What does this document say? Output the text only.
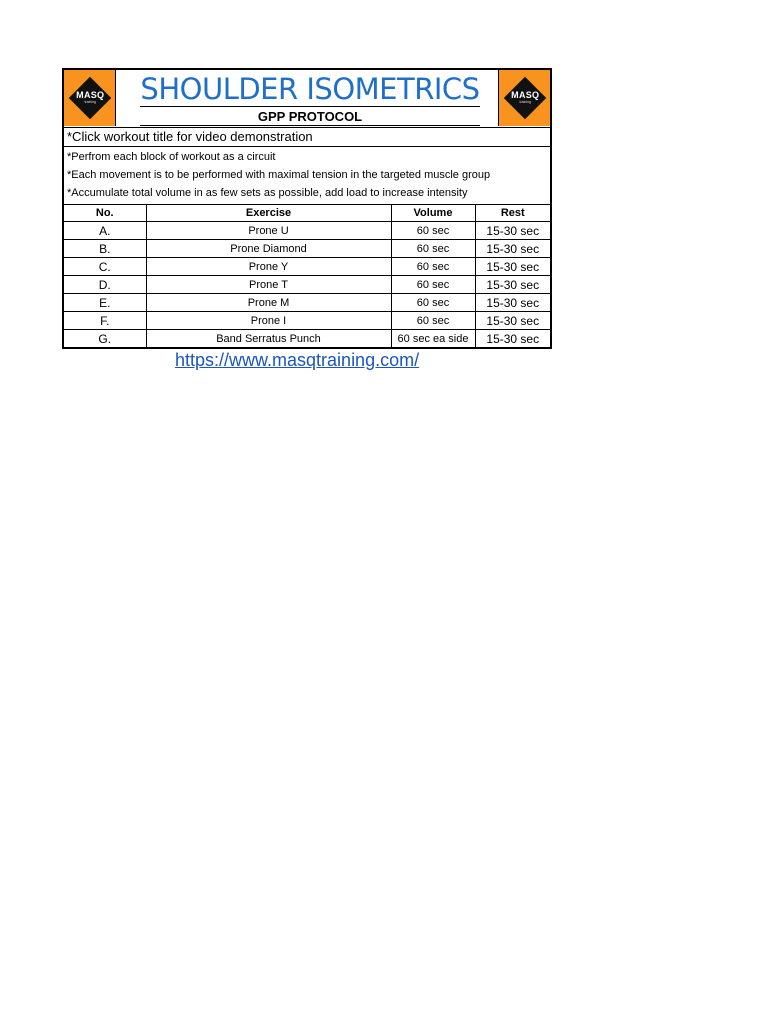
MASQ
training SHOULDER ISOMETRICS
GPP PROTOCOL
MASQ
training
*Click workout title for video demonstration
*Perfrom each block of workout as a circuit
*Each movement is to be performed with maximal tension in the targeted muscle group
*Accumulate total volume in as few sets as possible, add load to increase intensity
No.	Exercise	Volume	Rest
A.	Prone U	60 sec	15-30 sec
B.	Prone Diamond	60 sec	15-30 sec
C.	Prone Y	60 sec	15-30 sec
D.	Prone T	60 sec	15-30 sec
E.	Prone M	60 sec	15-30 sec
F.	Prone I	60 sec	15-30 sec
G.	Band Serratus Punch	60 sec ea side	15-30 sec
https://www.masqtraining.com/
